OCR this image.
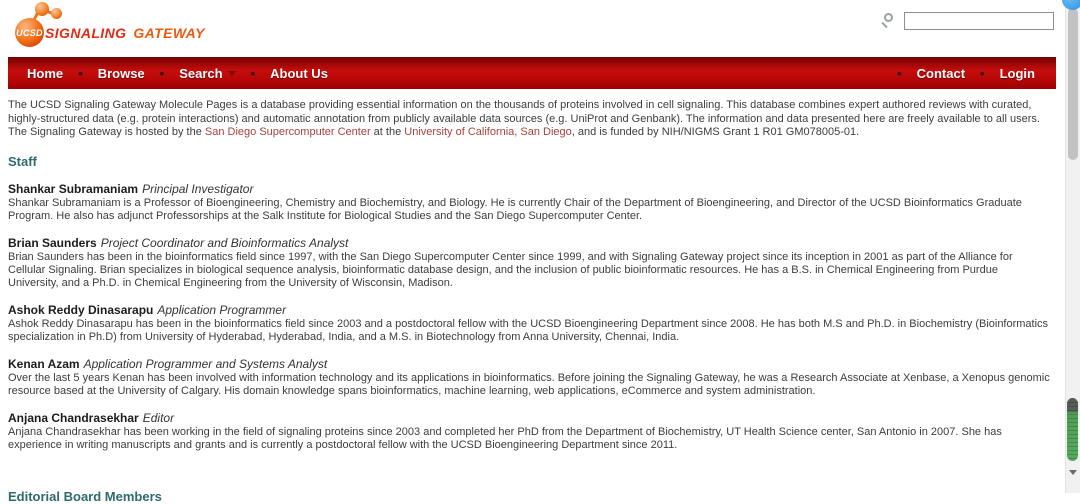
UCSD SIGNALING GATEWAY
Home	•	Browse	• Search •	About Us	•	Contact	•	Login

The UCSD Signaling Gateway Molecule Pages is a database providing essential information on the thousands of proteins involved in cell signaling. This database combines expert authored reviews with curated, highly-structured data (e.g. protein interactions) and automatic annotation from publicly available data sources (e.g. UniProt and Genbank). The information and data presented here are freely available to all users. The Signaling Gateway is hosted by the San Diego Supercomputer Center at the University of California, San Diego, and is funded by NIH/NIGMS Grant 1 R01 GM078005-01.

Staff
Shankar Subramaniam Principal Investigator

Shankar Subramaniam is a Professor of Bioengineering, Chemistry and Biochemistry, and Biology. He is currently Chair of the Department of Bioengineering, and Director of the UCSD Bioinformatics Graduate Program. He also has adjunct Professorships at the Salk Institute for Biological Studies and the San Diego Supercomputer Center.

Brian Saunders Project Coordinator and Bioinformatics Analyst

Brian Saunders has been in the bioinformatics field since 1997, with the San Diego Supercomputer Center since 1999, and with Signaling Gateway project since its inception in 2001 as part of the Alliance for Cellular Signaling. Brian specializes in biological sequence analysis, bioinformatic database design, and the inclusion of public bioinformatic resources. He has a B.S. in Chemical Engineering from Purdue University, and a Ph.D. in Chemical Engineering from the University of Wisconsin, Madison.

Ashok Reddy Dinasarapu Application Programmer

Ashok Reddy Dinasarapu has been in the bioinformatics field since 2003 and a postdoctoral fellow with the UCSD Bioengineering Department since 2008. He has both M.S and Ph.D. in Biochemistry (Bioinformatics specialization in Ph.D) from University of Hyderabad, Hyderabad, India, and a M.S. in Biotechnology from Anna University, Chennai, India.

Kenan Azam Application Programmer and Systems Analyst

Over the last 5 years Kenan has been involved with information technology and its applications in bioinformatics. Before joining the Signaling Gateway, he was a Research Associate at Xenbase, a Xenopus genomic resource based at the University of Calgary. His domain knowledge spans bioinformatics, machine learning, web applications, eCommerce and system administration.

Anjana Chandrasekhar Editor

Anjana Chandrasekhar has been working in the field of signaling proteins since 2003 and completed her PhD from the Department of Biochemistry, UT Health Science center, San Antonio in 2007. She has experience in writing manuscripts and grants and is currently a postdoctoral fellow with the UCSD Bioengineering Department since 2011.

Editorial Board Members
